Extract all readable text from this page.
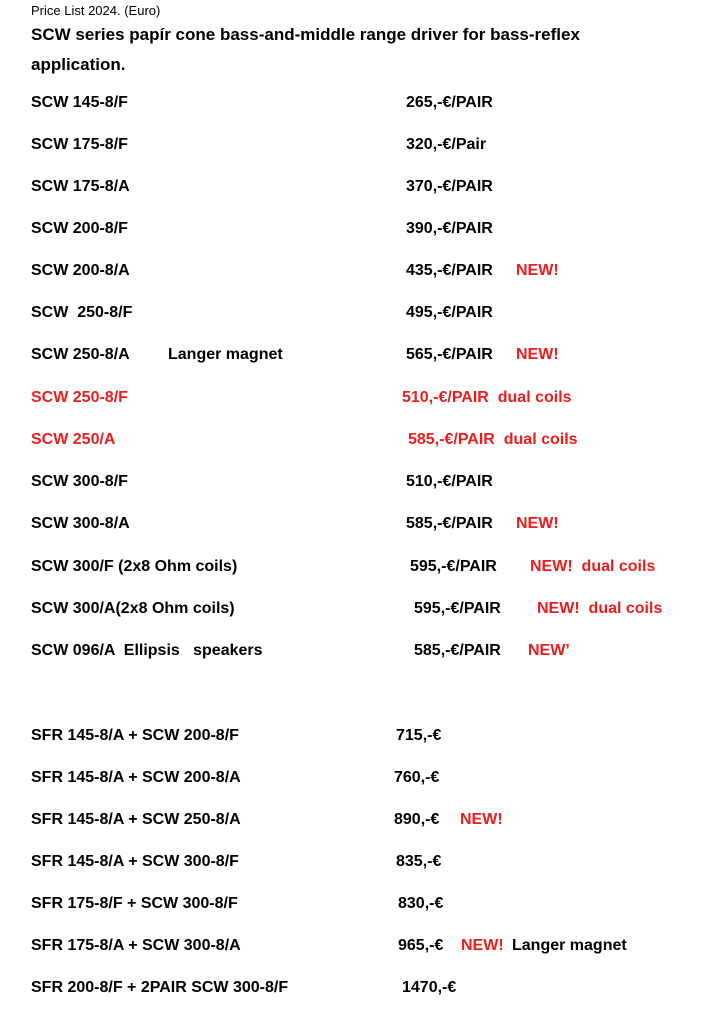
Price List 2024. (Euro)
SCW series papír cone bass-and-middle range driver for bass-reflex application.
SCW 145-8/F	265,-€/PAIR
SCW 175-8/F	320,-€/Pair
SCW 175-8/A	370,-€/PAIR
SCW 200-8/F	390,-€/PAIR
SCW 200-8/A	435,-€/PAIR NEW!
SCW  250-8/F	495,-€/PAIR
SCW 250-8/A Langer magnet	565,-€/PAIR NEW!
SCW 250-8/F	510,-€/PAIR  dual coils
SCW 250/A	585,-€/PAIR  dual coils
SCW 300-8/F	510,-€/PAIR
SCW 300-8/A	585,-€/PAIR NEW!
SCW 300/F (2x8 Ohm coils)	595,-€/PAIR NEW!  dual coils
SCW 300/A(2x8 Ohm coils)	595,-€/PAIR NEW!  dual coils
SCW 096/A  Ellipsis   speakers	585,-€/PAIR NEW’
SFR 145-8/A + SCW 200-8/F	715,-€
SFR 145-8/A + SCW 200-8/A	760,-€
SFR 145-8/A + SCW 250-8/A	890,-€ NEW!
SFR 145-8/A + SCW 300-8/F	835,-€
SFR 175-8/F + SCW 300-8/F	830,-€
SFR 175-8/A + SCW 300-8/A	965,-€ NEW! Langer magnet
SFR 200-8/F + 2PAIR SCW 300-8/F	1470,-€
